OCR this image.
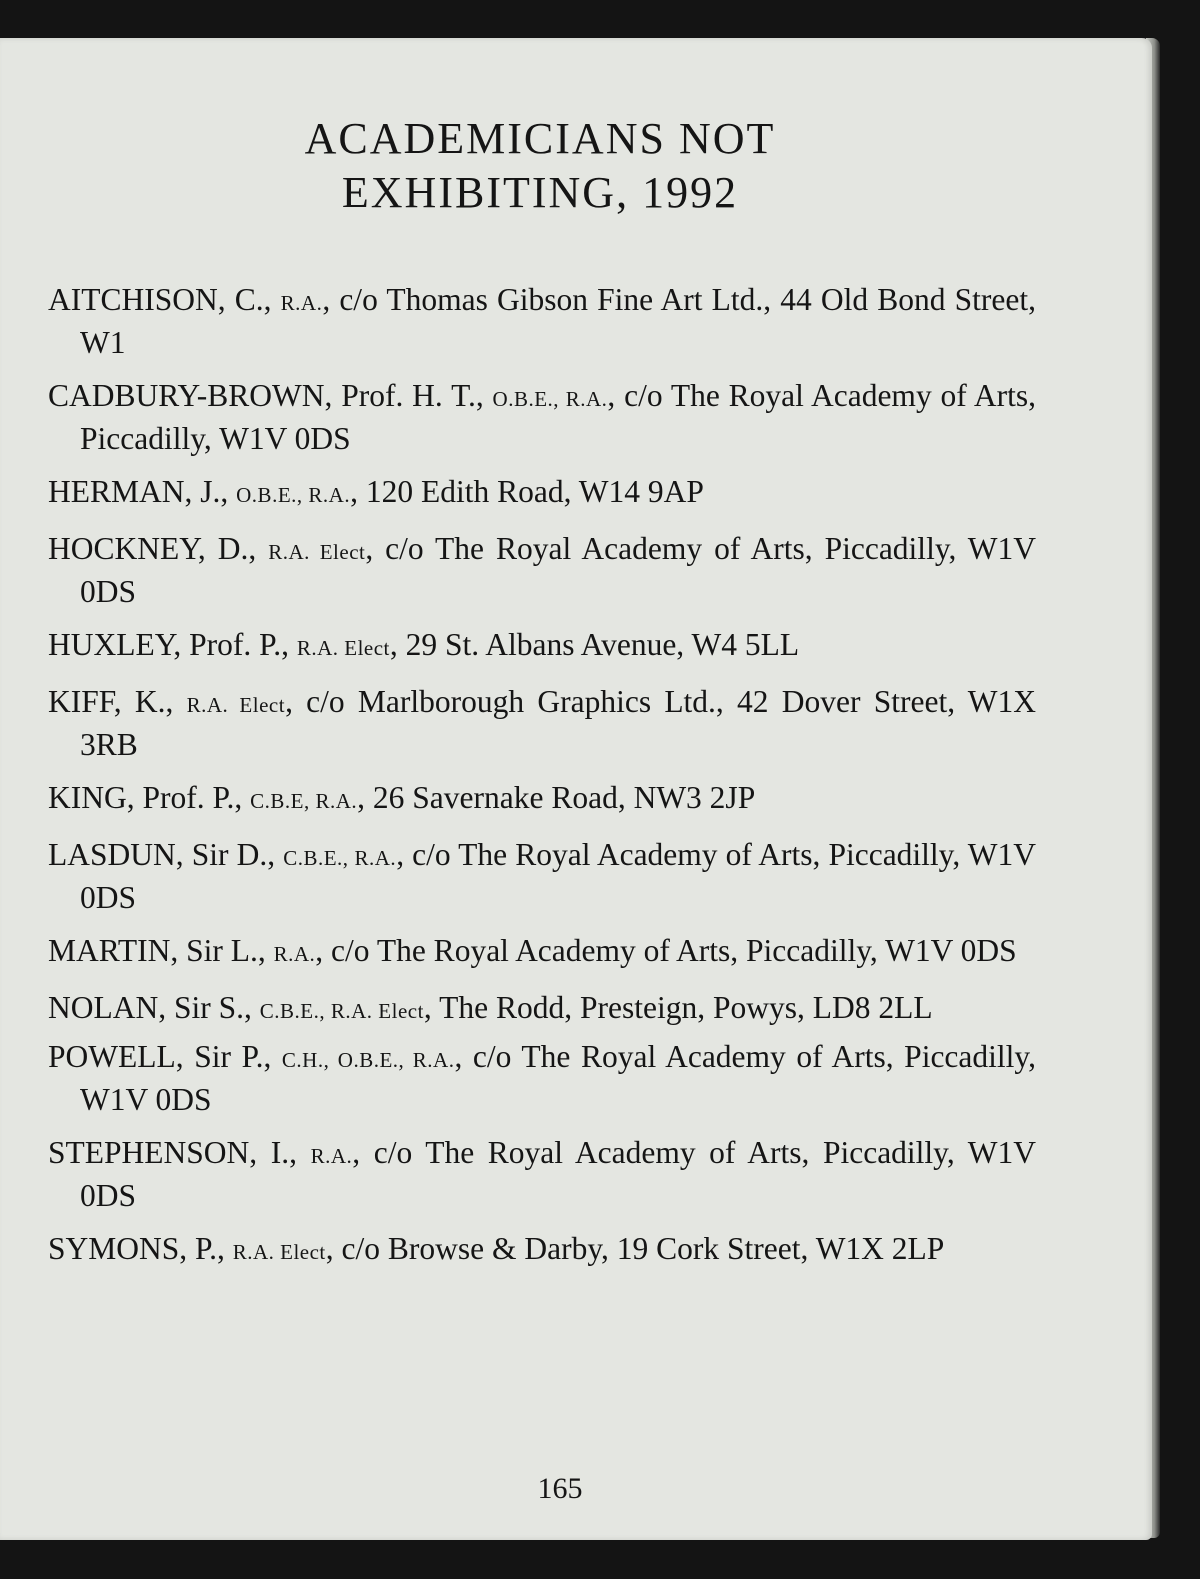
ACADEMICIANS NOT
EXHIBITING, 1992

AITCHISON, C., R.A., c/o Thomas Gibson Fine Art Ltd., 44 Old Bond Street, W1

CADBURY-BROWN, Prof. H. T., O.B.E., R.A., c/o The Royal Academy of Arts, Piccadilly, W1V 0DS

HERMAN, J., O.B.E., R.A., 120 Edith Road, W14 9AP

HOCKNEY, D., R.A. Elect, c/o The Royal Academy of Arts, Piccadilly, W1V 0DS

HUXLEY, Prof. P., R.A. Elect, 29 St. Albans Avenue, W4 5LL

KIFF, K., R.A. Elect, c/o Marlborough Graphics Ltd., 42 Dover Street, W1X 3RB

KING, Prof. P., C.B.E, R.A., 26 Savernake Road, NW3 2JP

LASDUN, Sir D., C.B.E., R.A., c/o The Royal Academy of Arts, Piccadilly, W1V 0DS

MARTIN, Sir L., R.A., c/o The Royal Academy of Arts, Piccadilly, W1V 0DS

NOLAN, Sir S., C.B.E., R.A. Elect, The Rodd, Presteign, Powys, LD8 2LL

POWELL, Sir P., C.H., O.B.E., R.A., c/o The Royal Academy of Arts, Piccadilly, W1V 0DS

STEPHENSON, I., R.A., c/o The Royal Academy of Arts, Piccadilly, W1V 0DS

SYMONS, P., R.A. Elect, c/o Browse & Darby, 19 Cork Street, W1X 2LP

165
